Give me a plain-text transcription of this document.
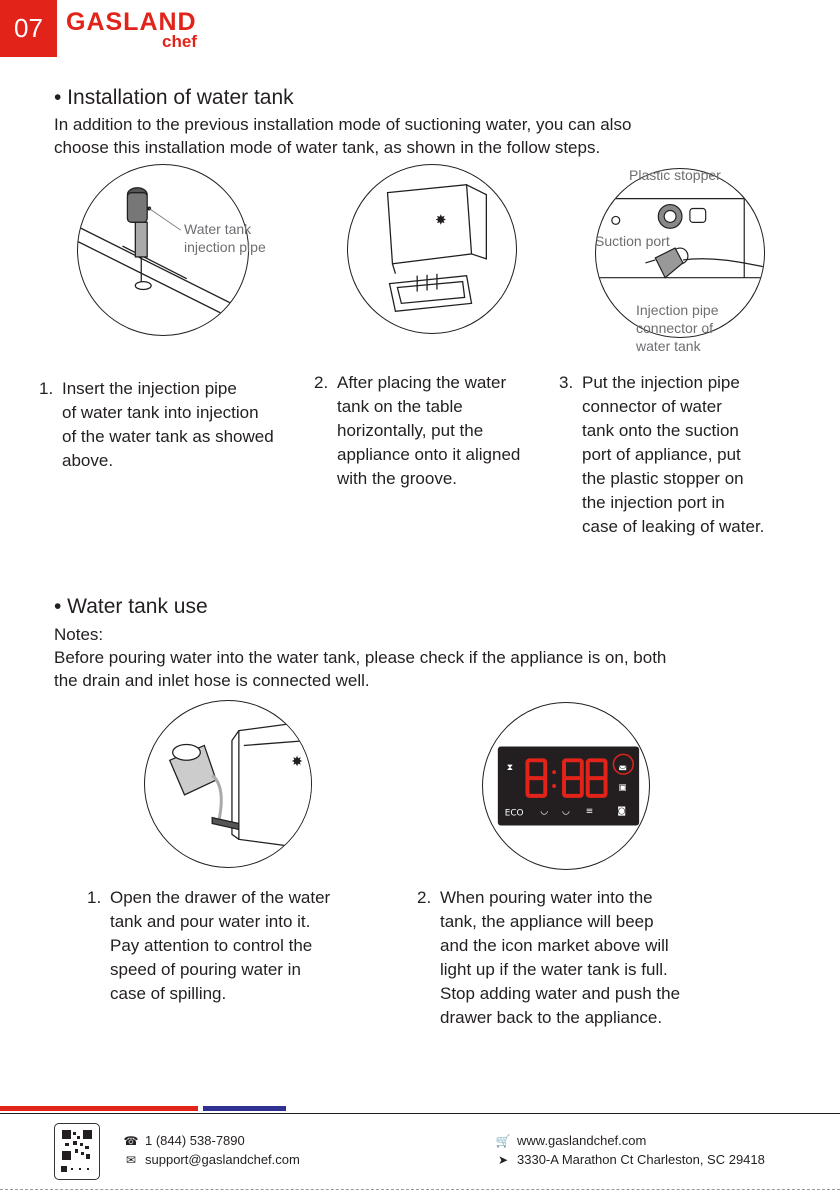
07 GASLAND
chef
• Installation of water tank
In addition to the previous installation mode of suctioning water, you can also
choose this installation mode of water tank, as shown in the follow steps.
Water tank
injection pipe
✸
Plastic stopper
Suction port
Injection pipe
connector of
water tank
1. Insert the injection pipe
of water tank into injection
of the water tank as showed
above.
2. After placing the water
tank on the table
horizontally, put the
appliance onto it aligned
with the groove.
3. Put the injection pipe
connector of water
tank onto the suction
port of appliance, put
the plastic stopper on
the injection port in
case of leaking of water.
• Water tank use
Notes:
Before pouring water into the water tank, please check if the appliance is on, both
the drain and inlet hose is connected well.
✸	⧗	◛
▣
◡ ◡ ≡	◙
ECO
1. Open the drawer of the water
tank and pour water into it.
Pay attention to control the
speed of pouring water in
case of spilling.
2. When pouring water into the
tank, the appliance will beep
and the icon market above will
light up if the water tank is full.
Stop adding water and push the
drawer back to the appliance.
☎ 1 (844) 538-7890
✉ support@gaslandchef.com
🛒 www.gaslandchef.com
➤ 3330-A Marathon Ct Charleston, SC 29418
